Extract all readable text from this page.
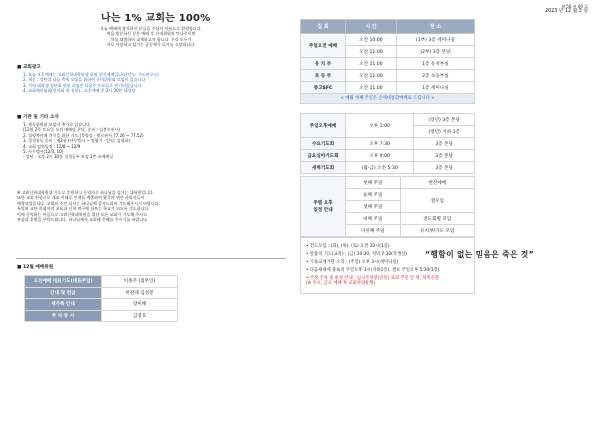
제 58 권 49 호
2023 년 12 월 3 일
나는 1% 교회는 100%
오늘 예배에 참석하신 분들을 주님의 이름으로 환영합니다.
처음 방문하신 분은 예배 후 안내위원과 만나주시면
차를 대접하며 교제하고자 합니다. 우리 모두가
서로 사랑하고 섬기는 공동체가 되기를 소망합니다.
■ 교회광고
1. 오늘 오후예배는 고려신학대학원생 위원 헌신예배입니다(인도: 기도연구소)
2. 제문 : 성탄절 나눔 축제 모임을 위하여 준비위원회 모임이 있습니다
3. 저녁 대학생 청년회 연합 모임은 다음주 토요일로 연기되었습니다
4. 교회체육대회(봉사회 및 청년) : 오후예배 후 2시 30분 대강당
■ 기관 및 기타 소식
1. 행사위원회 모임이 추가로 있습니다.
(12월 2주 토요일 오전 예배당 본당, 준비 : 김봉숙권사)
2. 힐링북카페 간식을 위한 기도 (목양실 · 원로권사 77.26 ~ 77.52)
3. 성경통독 준비 : 제2권 (사무엘서 ~ 열왕기 · 담임: 김평화)
4. 교회 임원일정 : 12/8 ~ 12/9
5. 사무엘서(12/3, 10)
- 장년 : 오후 2시 30분 성경공부 모임 1층 소예배실
※ 고려신학대학원생 기도로 후원하고 동역자로 하나님을 섬기는 대학원입니다.
또한 교회 연합으로 개교 이래로 인재를 배출하여 왔으며 귀한 사역자들이
배출되었습니다. 교회의 주인 되시는 하나님께 감사드리며 기도해주시기 바랍니다.
특별히 교단 목회자의 교육과 신학 연구에 힘쓰는 학교가 되도록 기도합니다.
이에 동역하는 마음으로 고려신학대학원을 위한 모든 교회가 기도해 주시고
관심과 후원을 부탁드립니다. 하나님께서 교회에 은혜를 주시기를 바랍니다.
■ 12월 예배위원
오전예배 대표기도(대표주일)	이종주 (집무인)
안내 및 헌금	한갈래 김성봉
새가족 안내	장미혜
주 차 봉 사	김영호
집 회	시 간	장 소
주일오전 예배	오전 10:00	(1부) 3층 세미나실
	오전 11:00	(2부) 3층 본당
유 치 부	오전 11:00	1층 유치부실
초 등 부	오전 11:00	2층 초등부실
중고SFC	오전 11:00	1층 세미나실
< 매월 첫째 주일은 온세대통합예배로 드립니다 >
주일오후예배	오후 1:00	(장년) 3층 본당
		(청년) 지하 1층
수요기도회	오후 7:30	3층 본당
금요심야기도회	오후 9:00	3층 본당
새벽기도회	(월-금) 오전 5:30	3층 본당
주별 오후
일정 안내	첫째 주일	헌신예배
	둘째 주일	셀모임
	셋째 주일	
	넷째 주일	전도회별 모임
	다섯째 주일	유치부/기도 모임
• 전도모임 : (화), (목), (토) 오전 10시(1층)
• 말씀의 기도(교육) : (금) 10:30, 저녁 7:30(학생실)
• 가톨교제기관 소리 : (주일) 오후 3시(세미나실)
• 다음세대에 중독의 주일오후 3시(지하1층), 셀프 주일오후 5:30(1층)
• 주정 주차 및 운영 안내 : 임시주차장(앞뜰) 교회 건물 앞 뒤, 뒤쪽건물
(※ 수요, 금요 예배 후 교회차량운행)
“행함이 없는 믿음은 죽은 것”
